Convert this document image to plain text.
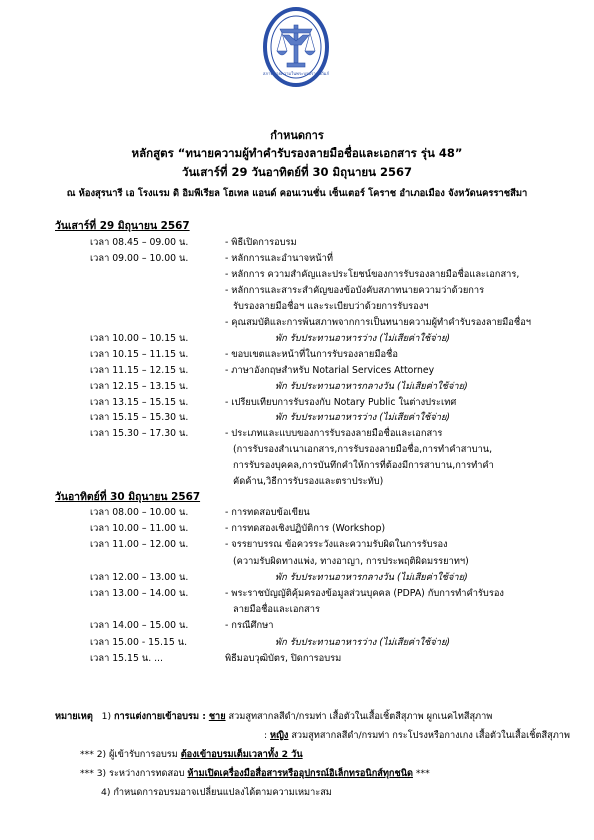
สภาทนายความในพระบรมราชูปถัมภ์
กำหนดการ
หลักสูตร “ทนายความผู้ทำคำรับรองลายมือชื่อและเอกสาร รุ่น 48”
วันเสาร์ที่ 29 วันอาทิตย์ที่ 30 มิถุนายน 2567
ณ ห้องสุรนารี เอ โรงแรม ดิ อิมพีเรียล โฮเทล แอนด์ คอนเวนชั่น เซ็นเตอร์ โคราช อำเภอเมือง จังหวัดนครราชสีมา
วันเสาร์ที่ 29 มิถุนายน 2567
เวลา 08.45 – 09.00 น.	- พิธีเปิดการอบรม
เวลา 09.00 – 10.00 น.	- หลักการและอำนาจหน้าที่
- หลักการ ความสำคัญและประโยชน์ของการรับรองลายมือชื่อและเอกสาร,
- หลักการและสาระสำคัญของข้อบังคับสภาทนายความว่าด้วยการ
รับรองลายมือชื่อฯ และระเบียบว่าด้วยการรับรองฯ
- คุณสมบัติและการพ้นสภาพจากการเป็นทนายความผู้ทำคำรับรองลายมือชื่อฯ
เวลา 10.00 – 10.15 น.	พัก รับประทานอาหารว่าง (ไม่เสียค่าใช้จ่าย)
เวลา 10.15 – 11.15 น.	- ขอบเขตและหน้าที่ในการรับรองลายมือชื่อ
เวลา 11.15 – 12.15 น.	- ภาษาอังกฤษสำหรับ Notarial Services Attorney
เวลา 12.15 – 13.15 น.	พัก รับประทานอาหารกลางวัน (ไม่เสียค่าใช้จ่าย)
เวลา 13.15 – 15.15 น.	- เปรียบเทียบการรับรองกับ Notary Public ในต่างประเทศ
เวลา 15.15 – 15.30 น.	พัก รับประทานอาหารว่าง (ไม่เสียค่าใช้จ่าย)
เวลา 15.30 – 17.30 น.	- ประเภทและแบบของการรับรองลายมือชื่อและเอกสาร
(การรับรองสำเนาเอกสาร,การรับรองลายมือชื่อ,การทำคำสาบาน,
การรับรองบุคคล,การบันทึกคำให้การที่ต้องมีการสาบาน,การทำคำ
คัดค้าน,วิธีการรับรองและตราประทับ)
วันอาทิตย์ที่ 30 มิถุนายน 2567
เวลา 08.00 – 10.00 น.	- การทดสอบข้อเขียน
เวลา 10.00 – 11.00 น.	- การทดสองเชิงปฏิบัติการ (Workshop)
เวลา 11.00 – 12.00 น.	- จรรยาบรรณ ข้อควรระวังและความรับผิดในการรับรอง
(ความรับผิดทางแพ่ง, ทางอาญา, การประพฤติผิดมรรยาทฯ)
เวลา 12.00 – 13.00 น.	พัก รับประทานอาหารกลางวัน (ไม่เสียค่าใช้จ่าย)
เวลา 13.00 – 14.00 น.	- พระราชบัญญัติคุ้มครองข้อมูลส่วนบุคคล (PDPA) กับการทำคำรับรอง
ลายมือชื่อและเอกสาร
เวลา 14.00 – 15.00 น.	- กรณีศึกษา
เวลา 15.00 - 15.15 น.	พัก รับประทานอาหารว่าง (ไม่เสียค่าใช้จ่าย)
เวลา 15.15 น. ...	พิธีมอบวุฒิบัตร, ปิดการอบรม
หมายเหตุ 1) การแต่งกายเข้าอบรม : ชาย สวมสูทสากลสีดำ/กรมท่า เสื้อตัวในเสื้อเชิ้ตสีสุภาพ ผูกเนคไทสีสุภาพ
: หญิง สวมสูทสากลสีดำ/กรมท่า กระโปรงหรือกางเกง เสื้อตัวในเสื้อเชิ้ตสีสุภาพ
*** 2) ผู้เข้ารับการอบรม ต้องเข้าอบรมเต็มเวลาทั้ง 2 วัน
*** 3) ระหว่างการทดสอบ ห้ามเปิดเครื่องมือสื่อสารหรืออุปกรณ์อิเล็กทรอนิกส์ทุกชนิด ***
4) กำหนดการอบรมอาจเปลี่ยนแปลงได้ตามความเหมาะสม
